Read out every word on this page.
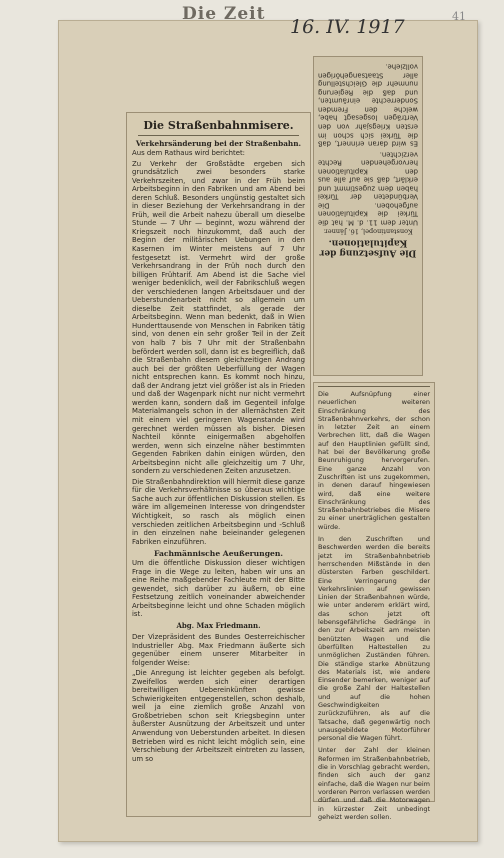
Die Zeit
16. IV. 1917	41
Die Aufsetzung der Kapitulationen.
Konstantinopel, 16. Jänner.

Unter dem 11. d. M. hat die Türkei die Kapitulationen aufgehoben. Die Verbündeten der Türkei haben dem zugestimmt und erklärt, daß sie auf alle aus den Kapitulationen hervorgehenden Rechte verzichten.

Es wird daran erinnert, daß die Türkei sich schon im ersten Kriegsjahr von den Verträgen losgesagt habe, welche den Fremden Sonderrechte einräumten, und daß die Regierung nunmehr die Gleichstellung aller Staatsangehörigen vollziehe.

Die Aufsnüpfung einer neuerlichen weiteren Einschränkung des Straßenbahnverkehrs, der schon in letzter Zeit an einem Verbrechen litt, daß die Wagen auf den Hauptlinien gefüllt sind, hat bei der Bevölkerung große Beunruhigung hervorgerufen. Eine ganze Anzahl von Zuschriften ist uns zugekommen, in denen darauf hingewiesen wird, daß eine weitere Einschränkung des Straßenbahnbetriebes die Misere zu einer unerträglichen gestalten würde.

In den Zuschriften und Beschwerden werden die bereits jetzt im Straßenbahnbetrieb herrschenden Mißstände in den düstersten Farben geschildert. Eine Verringerung der Verkehrslinien auf gewissen Linien der Straßenbahnen würde, wie unter anderem erklärt wird, das schon jetzt oft lebensgefährliche Gedränge in den zur Arbeitszeit am meisten benützten Wagen und die überfüllten Haltestellen zu unmöglichen Zuständen führen. Die ständige starke Abnützung des Materials ist, wie andere Einsender bemerken, weniger auf die große Zahl der Haltestellen und auf die hohen Geschwindigkeiten zurückzuführen, als auf die Tatsache, daß gegenwärtig noch unausgebildete Motorführer personal die Wagen führt.

Unter der Zahl der kleinen Reformen im Straßenbahnbetrieb, die in Vorschlag gebracht werden, finden sich auch der ganz einfache, daß die Wagen nur beim vorderen Perron verlassen werden dürfen und daß die Motorwagen in kürzester Zeit unbedingt geheizt werden sollen.

Die Straßenbahnmisere.
Verkehrsänderung bei der Straßenbahn.

Aus dem Rathaus wird berichtet:

Zu Verkehr der Großstädte ergeben sich grundsätzlich zwei besonders starke Verkehrszeiten, und zwar in der Früh beim Arbeitsbeginn in den Fabriken und am Abend bei deren Schluß. Besonders ungünstig gestaltet sich in dieser Beziehung der Verkehrsandrang in der Früh, weil die Arbeit nahezu überall um dieselbe Stunde — 7 Uhr — beginnt, wozu während der Kriegszeit noch hinzukommt, daß auch der Beginn der militärischen Uebungen in den Kasernen im Winter meistens auf 7 Uhr festgesetzt ist. Vermehrt wird der große Verkehrsandrang in der Früh noch durch den billigen Frühtarif. Am Abend ist die Sache viel weniger bedenklich, weil der Fabrikschluß wegen der verschiedenen langen Arbeitsdauer und der Ueberstundenarbeit nicht so allgemein um dieselbe Zeit stattfindet, als gerade der Arbeitsbeginn. Wenn man bedenkt, daß in Wien Hunderttausende von Menschen in Fabriken tätig sind, von denen ein sehr großer Teil in der Zeit von halb 7 bis 7 Uhr mit der Straßenbahn befördert werden soll, dann ist es begreiflich, daß die Straßenbahn diesem gleichzeitigen Andrang auch bei der größten Ueberfüllung der Wagen nicht entsprechen kann. Es kommt noch hinzu, daß der Andrang jetzt viel größer ist als in Frieden und daß der Wagenpark nicht nur nicht vermehrt werden kann, sondern daß im Gegenteil infolge Materialmangels schon in der allernächsten Zeit mit einem viel geringeren Wagenstande wird gerechnet werden müssen als bisher. Diesen Nachteil könnte einigermaßen abgeholfen werden, wenn sich einzelne näher bestimmten Gegenden Fabriken dahin einigen würden, den Arbeitsbeginn nicht alle gleichzeitig um 7 Uhr, sondern zu verschiedenen Zeiten anzusetzen.

Die Straßenbahndirektion will hiermit diese ganze für die Verkehrsverhältnisse so überaus wichtige Sache auch zur öffentlichen Diskussion stellen. Es wäre im allgemeinen Interesse von dringendster Wichtigkeit, so rasch als möglich einen verschieden zeitlichen Arbeitsbeginn und -Schluß in den einzelnen nahe beieinander gelegenen Fabriken einzuführen.

Fachmännische Aeußerungen.

Um die öffentliche Diskussion dieser wichtigen Frage in die Wege zu leiten, haben wir uns an eine Reihe maßgebender Fachleute mit der Bitte gewendet, sich darüber zu äußern, ob eine Festsetzung zeitlich voneinander abweichender Arbeitsbeginne leicht und ohne Schaden möglich ist.

Abg. Max Friedmann.

Der Vizepräsident des Bundes Oesterreichischer Industrieller Abg. Max Friedmann äußerte sich gegenüber einem unserer Mitarbeiter in folgender Weise:

„Die Anregung ist leichter gegeben als befolgt. Zweifellos werden sich einer derartigen bereitwilligen Uebereinkünften gewisse Schwierigkeiten entgegenstellen, schon deshalb, weil ja eine ziemlich große Anzahl von Großbetrieben schon seit Kriegsbeginn unter äußerster Ausnützung der Arbeitszeit und unter Anwendung von Ueberstunden arbeitet. In diesen Betrieben wird es nicht leicht möglich sein, eine Verschiebung der Arbeitszeit eintreten zu lassen, um so
